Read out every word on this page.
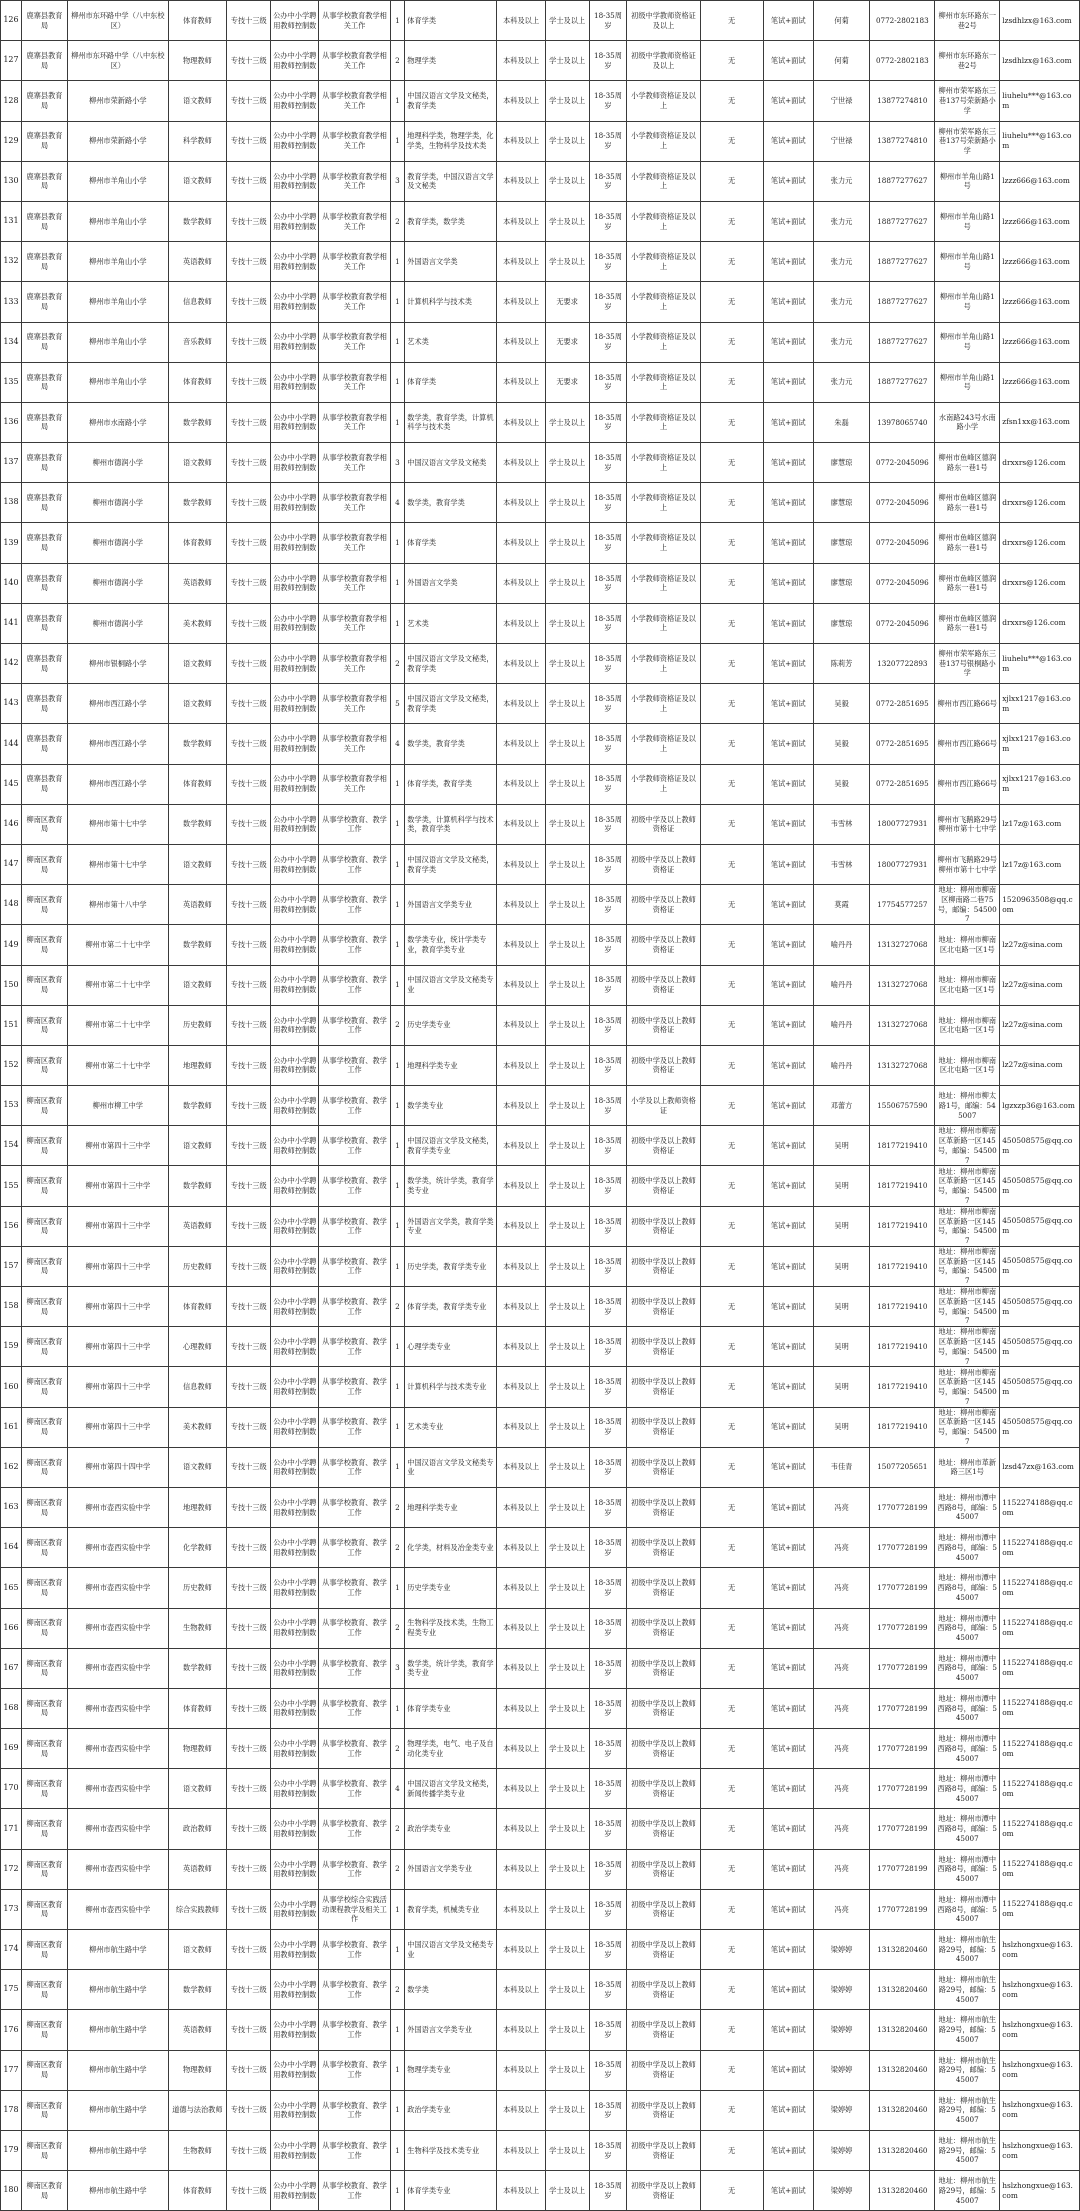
126	鹿寨县教育局	柳州市东环路中学（八中东校区）	体育教师	专技十三级	公办中小学聘用教师控制数	从事学校教育教学相关工作	1	体育学类	本科及以上	学士及以上	18-35周岁	初级中学教师资格证及以上	无	笔试+面试	何菊	0772-2802183	柳州市东环路东一巷2号	lzsdhlzx@163.com
127	鹿寨县教育局	柳州市东环路中学（八中东校区）	物理教师	专技十三级	公办中小学聘用教师控制数	从事学校教育教学相关工作	2	物理学类	本科及以上	学士及以上	18-35周岁	初级中学教师资格证及以上	无	笔试+面试	何菊	0772-2802183	柳州市东环路东一巷2号	lzsdhlzx@163.com
128	鹿寨县教育局	柳州市荣新路小学	语文教师	专技十三级	公办中小学聘用教师控制数	从事学校教育教学相关工作	1	中国汉语言文学及文秘类，教育学类	本科及以上	学士及以上	18-35周岁	小学教师资格证及以上	无	笔试+面试	宁世禄	13877274810	柳州市荣军路东三巷137号荣新路小学	liuhelu***@163.com
129	鹿寨县教育局	柳州市荣新路小学	科学教师	专技十三级	公办中小学聘用教师控制数	从事学校教育教学相关工作	1	地理科学类，物理学类，化学类，生物科学及技术类	本科及以上	学士及以上	18-35周岁	小学教师资格证及以上	无	笔试+面试	宁世禄	13877274810	柳州市荣军路东三巷137号荣新路小学	liuhelu***@163.com
130	鹿寨县教育局	柳州市羊角山小学	语文教师	专技十三级	公办中小学聘用教师控制数	从事学校教育教学相关工作	3	教育学类，中国汉语言文学及文秘类	本科及以上	学士及以上	18-35周岁	小学教师资格证及以上	无	笔试+面试	张力元	18877277627	柳州市羊角山路1号	lzzz666@163.com
131	鹿寨县教育局	柳州市羊角山小学	数学教师	专技十三级	公办中小学聘用教师控制数	从事学校教育教学相关工作	2	教育学类，数学类	本科及以上	学士及以上	18-35周岁	小学教师资格证及以上	无	笔试+面试	张力元	18877277627	柳州市羊角山路1号	lzzz666@163.com
132	鹿寨县教育局	柳州市羊角山小学	英语教师	专技十三级	公办中小学聘用教师控制数	从事学校教育教学相关工作	1	外国语言文学类	本科及以上	学士及以上	18-35周岁	小学教师资格证及以上	无	笔试+面试	张力元	18877277627	柳州市羊角山路1号	lzzz666@163.com
133	鹿寨县教育局	柳州市羊角山小学	信息教师	专技十三级	公办中小学聘用教师控制数	从事学校教育教学相关工作	1	计算机科学与技术类	本科及以上	无要求	18-35周岁	小学教师资格证及以上	无	笔试+面试	张力元	18877277627	柳州市羊角山路1号	lzzz666@163.com
134	鹿寨县教育局	柳州市羊角山小学	音乐教师	专技十三级	公办中小学聘用教师控制数	从事学校教育教学相关工作	1	艺术类	本科及以上	无要求	18-35周岁	小学教师资格证及以上	无	笔试+面试	张力元	18877277627	柳州市羊角山路1号	lzzz666@163.com
135	鹿寨县教育局	柳州市羊角山小学	体育教师	专技十三级	公办中小学聘用教师控制数	从事学校教育教学相关工作	1	体育学类	本科及以上	无要求	18-35周岁	小学教师资格证及以上	无	笔试+面试	张力元	18877277627	柳州市羊角山路1号	lzzz666@163.com
136	鹿寨县教育局	柳州市水南路小学	数学教师	专技十三级	公办中小学聘用教师控制数	从事学校教育教学相关工作	1	数学类，教育学类，计算机科学与技术类	本科及以上	学士及以上	18-35周岁	小学教师资格证及以上	无	笔试+面试	朱磊	13978065740	水南路243号水南路小学	zfsn1xx@163.com
137	鹿寨县教育局	柳州市德润小学	语文教师	专技十三级	公办中小学聘用教师控制数	从事学校教育教学相关工作	3	中国汉语言文学及文秘类	本科及以上	学士及以上	18-35周岁	小学教师资格证及以上	无	笔试+面试	廖慧琼	0772-2045096	柳州市鱼峰区德润路东一巷1号	drxxrs@126.com
138	鹿寨县教育局	柳州市德润小学	数学教师	专技十三级	公办中小学聘用教师控制数	从事学校教育教学相关工作	4	数学类，教育学类	本科及以上	学士及以上	18-35周岁	小学教师资格证及以上	无	笔试+面试	廖慧琼	0772-2045096	柳州市鱼峰区德润路东一巷1号	drxxrs@126.com
139	鹿寨县教育局	柳州市德润小学	体育教师	专技十三级	公办中小学聘用教师控制数	从事学校教育教学相关工作	1	体育学类	本科及以上	学士及以上	18-35周岁	小学教师资格证及以上	无	笔试+面试	廖慧琼	0772-2045096	柳州市鱼峰区德润路东一巷1号	drxxrs@126.com
140	鹿寨县教育局	柳州市德润小学	英语教师	专技十三级	公办中小学聘用教师控制数	从事学校教育教学相关工作	1	外国语言文学类	本科及以上	学士及以上	18-35周岁	小学教师资格证及以上	无	笔试+面试	廖慧琼	0772-2045096	柳州市鱼峰区德润路东一巷1号	drxxrs@126.com
141	鹿寨县教育局	柳州市德润小学	美术教师	专技十三级	公办中小学聘用教师控制数	从事学校教育教学相关工作	1	艺术类	本科及以上	学士及以上	18-35周岁	小学教师资格证及以上	无	笔试+面试	廖慧琼	0772-2045096	柳州市鱼峰区德润路东一巷1号	drxxrs@126.com
142	鹿寨县教育局	柳州市银桐路小学	语文教师	专技十三级	公办中小学聘用教师控制数	从事学校教育教学相关工作	2	中国汉语言文学及文秘类，教育学类	本科及以上	学士及以上	18-35周岁	小学教师资格证及以上	无	笔试+面试	陈莉芳	13207722893	柳州市荣军路东三巷137号银桐路小学	liuhelu***@163.com
143	鹿寨县教育局	柳州市西江路小学	语文教师	专技十三级	公办中小学聘用教师控制数	从事学校教育教学相关工作	5	中国汉语言文学及文秘类，教育学类	本科及以上	学士及以上	18-35周岁	小学教师资格证及以上	无	笔试+面试	吴毅	0772-2851695	柳州市西江路66号	xjlxx1217@163.com
144	鹿寨县教育局	柳州市西江路小学	数学教师	专技十三级	公办中小学聘用教师控制数	从事学校教育教学相关工作	4	数学类，教育学类	本科及以上	学士及以上	18-35周岁	小学教师资格证及以上	无	笔试+面试	吴毅	0772-2851695	柳州市西江路66号	xjlxx1217@163.com
145	鹿寨县教育局	柳州市西江路小学	体育教师	专技十三级	公办中小学聘用教师控制数	从事学校教育教学相关工作	1	体育学类，教育学类	本科及以上	学士及以上	18-35周岁	小学教师资格证及以上	无	笔试+面试	吴毅	0772-2851695	柳州市西江路66号	xjlxx1217@163.com
146	柳南区教育局	柳州市第十七中学	数学教师	专技十三级	公办中小学聘用教师控制数	从事学校教育、教学工作	1	数学类，计算机科学与技术类，教育学类	本科及以上	学士及以上	18-35周岁	初级中学及以上教师资格证	无	笔试+面试	韦雪林	18007727931	柳州市飞鹅路29号柳州市第十七中学	lz17z@163.com
147	柳南区教育局	柳州市第十七中学	语文教师	专技十三级	公办中小学聘用教师控制数	从事学校教育、教学工作	1	中国汉语言文学及文秘类，教育学类	本科及以上	学士及以上	18-35周岁	初级中学及以上教师资格证	无	笔试+面试	韦雪林	18007727931	柳州市飞鹅路29号柳州市第十七中学	lz17z@163.com
148	柳南区教育局	柳州市第十八中学	英语教师	专技十三级	公办中小学聘用教师控制数	从事学校教育、教学工作	1	外国语言文学类专业	本科及以上	学士及以上	18-35周岁	初级中学及以上教师资格证	无	笔试+面试	莫霞	17754577257	地址：柳州市柳南区柳南路二巷75号，邮编：545007	1520963508@qq.com
149	柳南区教育局	柳州市第二十七中学	数学教师	专技十三级	公办中小学聘用教师控制数	从事学校教育、教学工作	1	数学类专业，统计学类专业，教育学类专业	本科及以上	学士及以上	18-35周岁	初级中学及以上教师资格证	无	笔试+面试	喻丹丹	13132727068	地址：柳州市柳南区北屯路一区1号	lz27z@sina.com
150	柳南区教育局	柳州市第二十七中学	语文教师	专技十三级	公办中小学聘用教师控制数	从事学校教育、教学工作	1	中国汉语言文学及文秘类专业	本科及以上	学士及以上	18-35周岁	初级中学及以上教师资格证	无	笔试+面试	喻丹丹	13132727068	地址：柳州市柳南区北屯路一区1号	lz27z@sina.com
151	柳南区教育局	柳州市第二十七中学	历史教师	专技十三级	公办中小学聘用教师控制数	从事学校教育、教学工作	2	历史学类专业	本科及以上	学士及以上	18-35周岁	初级中学及以上教师资格证	无	笔试+面试	喻丹丹	13132727068	地址：柳州市柳南区北屯路一区1号	lz27z@sina.com
152	柳南区教育局	柳州市第二十七中学	地理教师	专技十三级	公办中小学聘用教师控制数	从事学校教育、教学工作	1	地理科学类专业	本科及以上	学士及以上	18-35周岁	初级中学及以上教师资格证	无	笔试+面试	喻丹丹	13132727068	地址：柳州市柳南区北屯路一区1号	lz27z@sina.com
153	柳南区教育局	柳州市柳工中学	数学教师	专技十三级	公办中小学聘用教师控制数	从事学校教育、教学工作	1	数学类专业	本科及以上	学士及以上	18-35周岁	小学及以上教师资格证	无	笔试+面试	邓蕾方	15506757590	地址：柳州市柳太路1号，邮编：545007	lgzxzp36@163.com
154	柳南区教育局	柳州市第四十三中学	语文教师	专技十三级	公办中小学聘用教师控制数	从事学校教育、教学工作	1	中国汉语言文学及文秘类，教育学类专业	本科及以上	学士及以上	18-35周岁	初级中学及以上教师资格证	无	笔试+面试	吴明	18177219410	地址：柳州市柳南区革新路一区145号，邮编：545007	450508575@qq.com
155	柳南区教育局	柳州市第四十三中学	数学教师	专技十三级	公办中小学聘用教师控制数	从事学校教育、教学工作	1	数学类，统计学类，教育学类专业	本科及以上	学士及以上	18-35周岁	初级中学及以上教师资格证	无	笔试+面试	吴明	18177219410	地址：柳州市柳南区革新路一区145号，邮编：545007	450508575@qq.com
156	柳南区教育局	柳州市第四十三中学	英语教师	专技十三级	公办中小学聘用教师控制数	从事学校教育、教学工作	1	外国语言文学类，教育学类专业	本科及以上	学士及以上	18-35周岁	初级中学及以上教师资格证	无	笔试+面试	吴明	18177219410	地址：柳州市柳南区革新路一区145号，邮编：545007	450508575@qq.com
157	柳南区教育局	柳州市第四十三中学	历史教师	专技十三级	公办中小学聘用教师控制数	从事学校教育、教学工作	1	历史学类，教育学类专业	本科及以上	学士及以上	18-35周岁	初级中学及以上教师资格证	无	笔试+面试	吴明	18177219410	地址：柳州市柳南区革新路一区145号，邮编：545007	450508575@qq.com
158	柳南区教育局	柳州市第四十三中学	体育教师	专技十三级	公办中小学聘用教师控制数	从事学校教育、教学工作	2	体育学类，教育学类专业	本科及以上	学士及以上	18-35周岁	初级中学及以上教师资格证	无	笔试+面试	吴明	18177219410	地址：柳州市柳南区革新路一区145号，邮编：545007	450508575@qq.com
159	柳南区教育局	柳州市第四十三中学	心理教师	专技十三级	公办中小学聘用教师控制数	从事学校教育、教学工作	1	心理学类专业	本科及以上	学士及以上	18-35周岁	初级中学及以上教师资格证	无	笔试+面试	吴明	18177219410	地址：柳州市柳南区革新路一区145号，邮编：545007	450508575@qq.com
160	柳南区教育局	柳州市第四十三中学	信息教师	专技十三级	公办中小学聘用教师控制数	从事学校教育、教学工作	1	计算机科学与技术类专业	本科及以上	学士及以上	18-35周岁	初级中学及以上教师资格证	无	笔试+面试	吴明	18177219410	地址：柳州市柳南区革新路一区145号，邮编：545007	450508575@qq.com
161	柳南区教育局	柳州市第四十三中学	美术教师	专技十三级	公办中小学聘用教师控制数	从事学校教育、教学工作	1	艺术类专业	本科及以上	学士及以上	18-35周岁	初级中学及以上教师资格证	无	笔试+面试	吴明	18177219410	地址：柳州市柳南区革新路一区145号，邮编：545007	450508575@qq.com
162	柳南区教育局	柳州市第四十四中学	语文教师	专技十三级	公办中小学聘用教师控制数	从事学校教育、教学工作	1	中国汉语言文学及文秘类专业	本科及以上	学士及以上	18-35周岁	初级中学及以上教师资格证	无	笔试+面试	韦佳青	15077205651	地址：柳州市革新路三区1号	lzsd47zx@163.com
163	柳南区教育局	柳州市壶西实验中学	地理教师	专技十三级	公办中小学聘用教师控制数	从事学校教育、教学工作	2	地理科学类专业	本科及以上	学士及以上	18-35周岁	初级中学及以上教师资格证	无	笔试+面试	冯亮	17707728199	地址：柳州市潭中西路8号，邮编：545007	1152274188@qq.com
164	柳南区教育局	柳州市壶西实验中学	化学教师	专技十三级	公办中小学聘用教师控制数	从事学校教育、教学工作	2	化学类，材料及冶金类专业	本科及以上	学士及以上	18-35周岁	初级中学及以上教师资格证	无	笔试+面试	冯亮	17707728199	地址：柳州市潭中西路8号，邮编：545007	1152274188@qq.com
165	柳南区教育局	柳州市壶西实验中学	历史教师	专技十三级	公办中小学聘用教师控制数	从事学校教育、教学工作	1	历史学类专业	本科及以上	学士及以上	18-35周岁	初级中学及以上教师资格证	无	笔试+面试	冯亮	17707728199	地址：柳州市潭中西路8号，邮编：545007	1152274188@qq.com
166	柳南区教育局	柳州市壶西实验中学	生物教师	专技十三级	公办中小学聘用教师控制数	从事学校教育、教学工作	2	生物科学及技术类，生物工程类专业	本科及以上	学士及以上	18-35周岁	初级中学及以上教师资格证	无	笔试+面试	冯亮	17707728199	地址：柳州市潭中西路8号，邮编：545007	1152274188@qq.com
167	柳南区教育局	柳州市壶西实验中学	数学教师	专技十三级	公办中小学聘用教师控制数	从事学校教育、教学工作	3	数学类，统计学类，教育学类专业	本科及以上	学士及以上	18-35周岁	初级中学及以上教师资格证	无	笔试+面试	冯亮	17707728199	地址：柳州市潭中西路8号，邮编：545007	1152274188@qq.com
168	柳南区教育局	柳州市壶西实验中学	体育教师	专技十三级	公办中小学聘用教师控制数	从事学校教育、教学工作	1	体育学类专业	本科及以上	学士及以上	18-35周岁	初级中学及以上教师资格证	无	笔试+面试	冯亮	17707728199	地址：柳州市潭中西路8号，邮编：545007	1152274188@qq.com
169	柳南区教育局	柳州市壶西实验中学	物理教师	专技十三级	公办中小学聘用教师控制数	从事学校教育、教学工作	2	物理学类，电气、电子及自动化类专业	本科及以上	学士及以上	18-35周岁	初级中学及以上教师资格证	无	笔试+面试	冯亮	17707728199	地址：柳州市潭中西路8号，邮编：545007	1152274188@qq.com
170	柳南区教育局	柳州市壶西实验中学	语文教师	专技十三级	公办中小学聘用教师控制数	从事学校教育、教学工作	4	中国汉语言文学及文秘类，新闻传播学类专业	本科及以上	学士及以上	18-35周岁	初级中学及以上教师资格证	无	笔试+面试	冯亮	17707728199	地址：柳州市潭中西路8号，邮编：545007	1152274188@qq.com
171	柳南区教育局	柳州市壶西实验中学	政治教师	专技十三级	公办中小学聘用教师控制数	从事学校教育、教学工作	2	政治学类专业	本科及以上	学士及以上	18-35周岁	初级中学及以上教师资格证	无	笔试+面试	冯亮	17707728199	地址：柳州市潭中西路8号，邮编：545007	1152274188@qq.com
172	柳南区教育局	柳州市壶西实验中学	英语教师	专技十三级	公办中小学聘用教师控制数	从事学校教育、教学工作	2	外国语言文学类专业	本科及以上	学士及以上	18-35周岁	初级中学及以上教师资格证	无	笔试+面试	冯亮	17707728199	地址：柳州市潭中西路8号，邮编：545007	1152274188@qq.com
173	柳南区教育局	柳州市壶西实验中学	综合实践教师	专技十三级	公办中小学聘用教师控制数	从事学校综合实践活动课程教学及相关工作	1	教育学类，机械类专业	本科及以上	学士及以上	18-35周岁	初级中学及以上教师资格证	无	笔试+面试	冯亮	17707728199	地址：柳州市潭中西路8号，邮编：545007	1152274188@qq.com
174	柳南区教育局	柳州市航生路中学	语文教师	专技十三级	公办中小学聘用教师控制数	从事学校教育、教学工作	1	中国汉语言文学及文秘类专业	本科及以上	学士及以上	18-35周岁	初级中学及以上教师资格证	无	笔试+面试	梁婷婷	13132820460	地址：柳州市航生路29号，邮编：545007	hslzhongxue@163.com
175	柳南区教育局	柳州市航生路中学	数学教师	专技十三级	公办中小学聘用教师控制数	从事学校教育、教学工作	2	数学类	本科及以上	学士及以上	18-35周岁	初级中学及以上教师资格证	无	笔试+面试	梁婷婷	13132820460	地址：柳州市航生路29号，邮编：545007	hslzhongxue@163.com
176	柳南区教育局	柳州市航生路中学	英语教师	专技十三级	公办中小学聘用教师控制数	从事学校教育、教学工作	1	外国语言文学类专业	本科及以上	学士及以上	18-35周岁	初级中学及以上教师资格证	无	笔试+面试	梁婷婷	13132820460	地址：柳州市航生路29号，邮编：545007	hslzhongxue@163.com
177	柳南区教育局	柳州市航生路中学	物理教师	专技十三级	公办中小学聘用教师控制数	从事学校教育、教学工作	1	物理学类专业	本科及以上	学士及以上	18-35周岁	初级中学及以上教师资格证	无	笔试+面试	梁婷婷	13132820460	地址：柳州市航生路29号，邮编：545007	hslzhongxue@163.com
178	柳南区教育局	柳州市航生路中学	道德与法治教师	专技十三级	公办中小学聘用教师控制数	从事学校教育、教学工作	1	政治学类专业	本科及以上	学士及以上	18-35周岁	初级中学及以上教师资格证	无	笔试+面试	梁婷婷	13132820460	地址：柳州市航生路29号，邮编：545007	hslzhongxue@163.com
179	柳南区教育局	柳州市航生路中学	生物教师	专技十三级	公办中小学聘用教师控制数	从事学校教育、教学工作	1	生物科学及技术类专业	本科及以上	学士及以上	18-35周岁	初级中学及以上教师资格证	无	笔试+面试	梁婷婷	13132820460	地址：柳州市航生路29号，邮编：545007	hslzhongxue@163.com
180	柳南区教育局	柳州市航生路中学	体育教师	专技十三级	公办中小学聘用教师控制数	从事学校教育、教学工作	1	体育学类专业	本科及以上	学士及以上	18-35周岁	初级中学及以上教师资格证	无	笔试+面试	梁婷婷	13132820460	地址：柳州市航生路29号，邮编：545007	hslzhongxue@163.com
